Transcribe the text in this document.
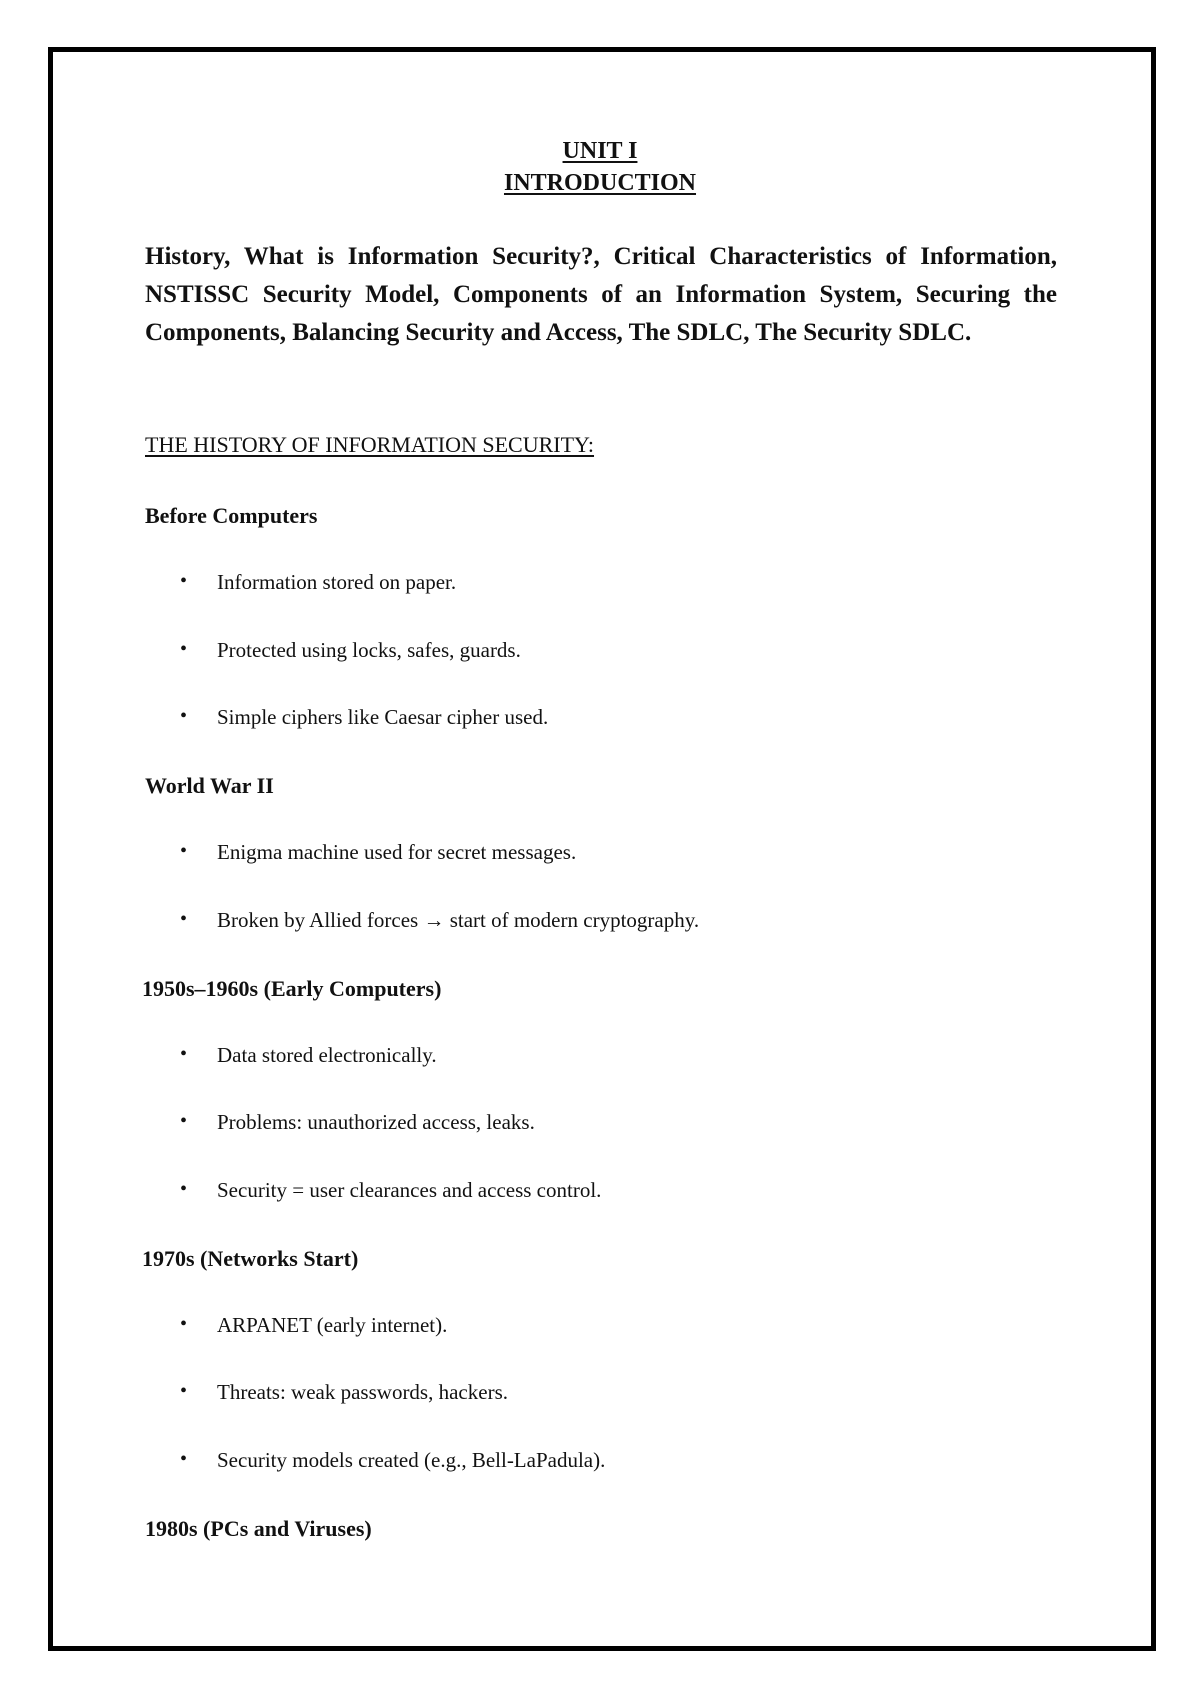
UNIT I
INTRODUCTION
History, What is Information Security?, Critical Characteristics of Information, NSTISSC Security Model, Components of an Information System, Securing the Components, Balancing Security and Access, The SDLC, The Security SDLC.
THE HISTORY OF INFORMATION SECURITY:
Before Computers
• Information stored on paper.
• Protected using locks, safes, guards.
• Simple ciphers like Caesar cipher used.
World War II
• Enigma machine used for secret messages.
• Broken by Allied forces → start of modern cryptography.
1950s–1960s (Early Computers)
• Data stored electronically.
• Problems: unauthorized access, leaks.
• Security = user clearances and access control.
1970s (Networks Start)
• ARPANET (early internet).
• Threats: weak passwords, hackers.
• Security models created (e.g., Bell-LaPadula).
1980s (PCs and Viruses)
